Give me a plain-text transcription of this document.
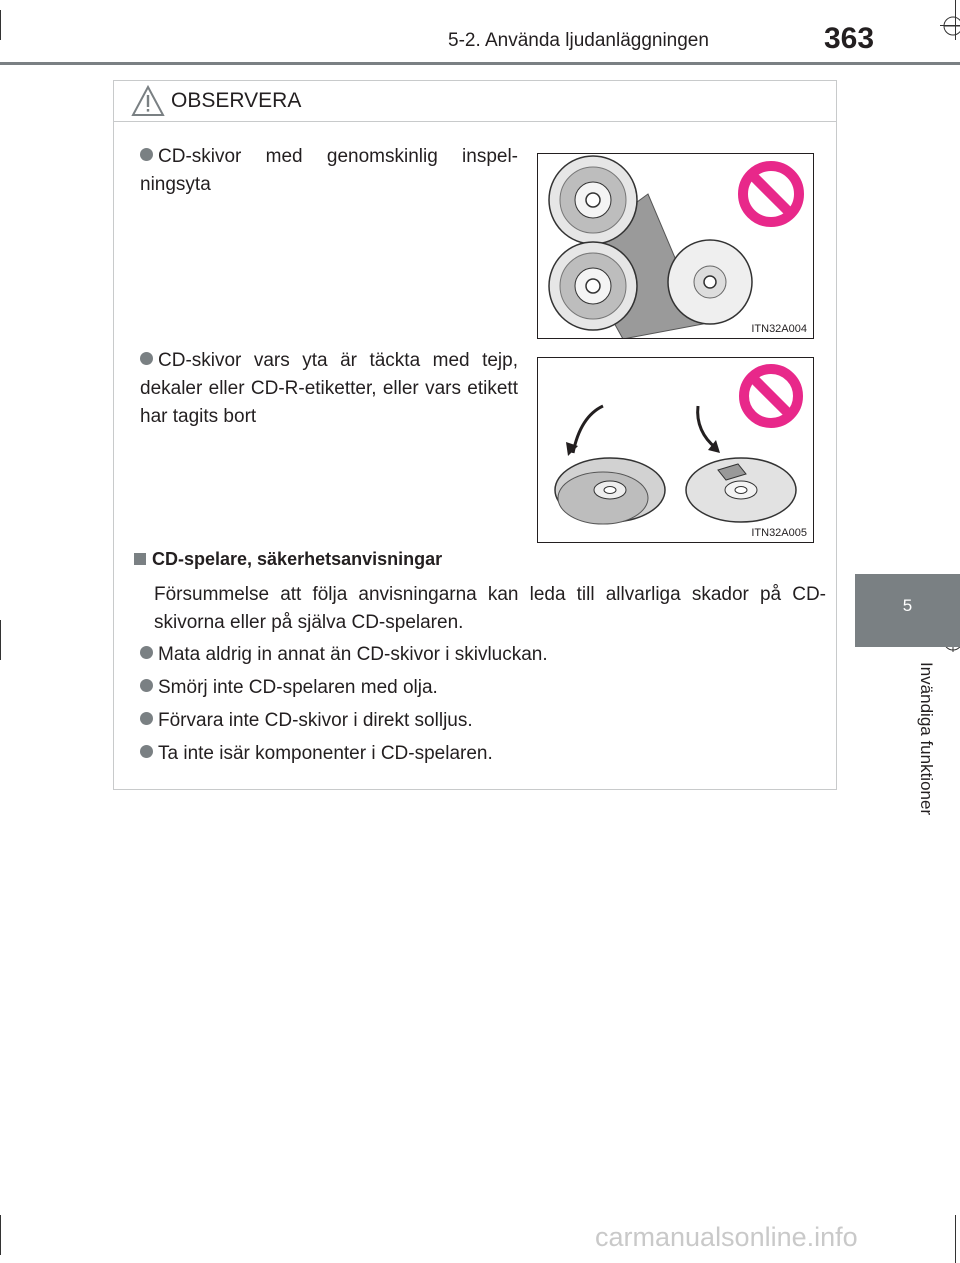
5-2. Använda ljudanläggningen	363
5
Invändiga funktioner
OBSERVERA
CD-skivor med genomskinlig inspel-ningsyta
ITN32A004
CD-skivor vars yta är täckta med tejp, dekaler eller CD-R-etiketter, eller vars etikett har tagits bort
ITN32A005
CD-spelare, säkerhetsanvisningar
Försummelse att följa anvisningarna kan leda till allvarliga skador på CD-skivorna eller på själva CD-spelaren.
Mata aldrig in annat än CD-skivor i skivluckan.
Smörj inte CD-spelaren med olja.
Förvara inte CD-skivor i direkt solljus.
Ta inte isär komponenter i CD-spelaren.
carmanualsonline.info
